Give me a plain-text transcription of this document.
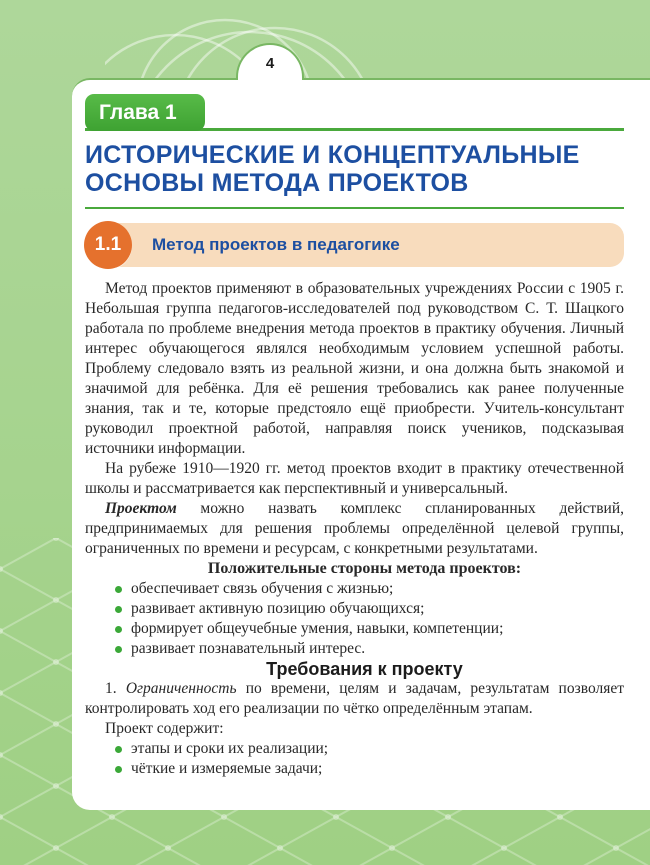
4
Глава 1
ИСТОРИЧЕСКИЕ И КОНЦЕПТУАЛЬНЫЕ ОСНОВЫ МЕТОДА ПРОЕКТОВ
1.1	Метод проектов в педагогике

Метод проектов применяют в образовательных учреждениях России с 1905 г. Небольшая группа педагогов-исследователей под руководством С. Т. Шацкого работала по проблеме внедрения метода проектов в практику обучения. Личный интерес обучающегося являлся необходимым условием успешной работы. Проблему следовало взять из реальной жизни, и она должна быть знакомой и значимой для ребёнка. Для её решения требовались как ранее полученные знания, так и те, которые предстояло ещё приобрести. Учитель-консультант руководил проектной работой, направляя поиск учеников, подсказывая источники информации.

На рубеже 1910—1920 гг. метод проектов входит в практику отечественной школы и рассматривается как перспективный и универсальный.

Проектом можно назвать комплекс спланированных действий, предпринимаемых для решения проблемы определённой целевой группы, ограниченных по времени и ресурсам, с конкретными результатами.

Положительные стороны метода проектов:

обеспечивает связь обучения с жизнью;
развивает активную позицию обучающихся;
формирует общеучебные умения, навыки, компетенции;
развивает познавательный интерес.

Требования к проекту

1. Ограниченность по времени, целям и задачам, результатам позволяет контролировать ход его реализации по чётко определённым этапам.

Проект содержит:

этапы и сроки их реализации;
чёткие и измеряемые задачи;
